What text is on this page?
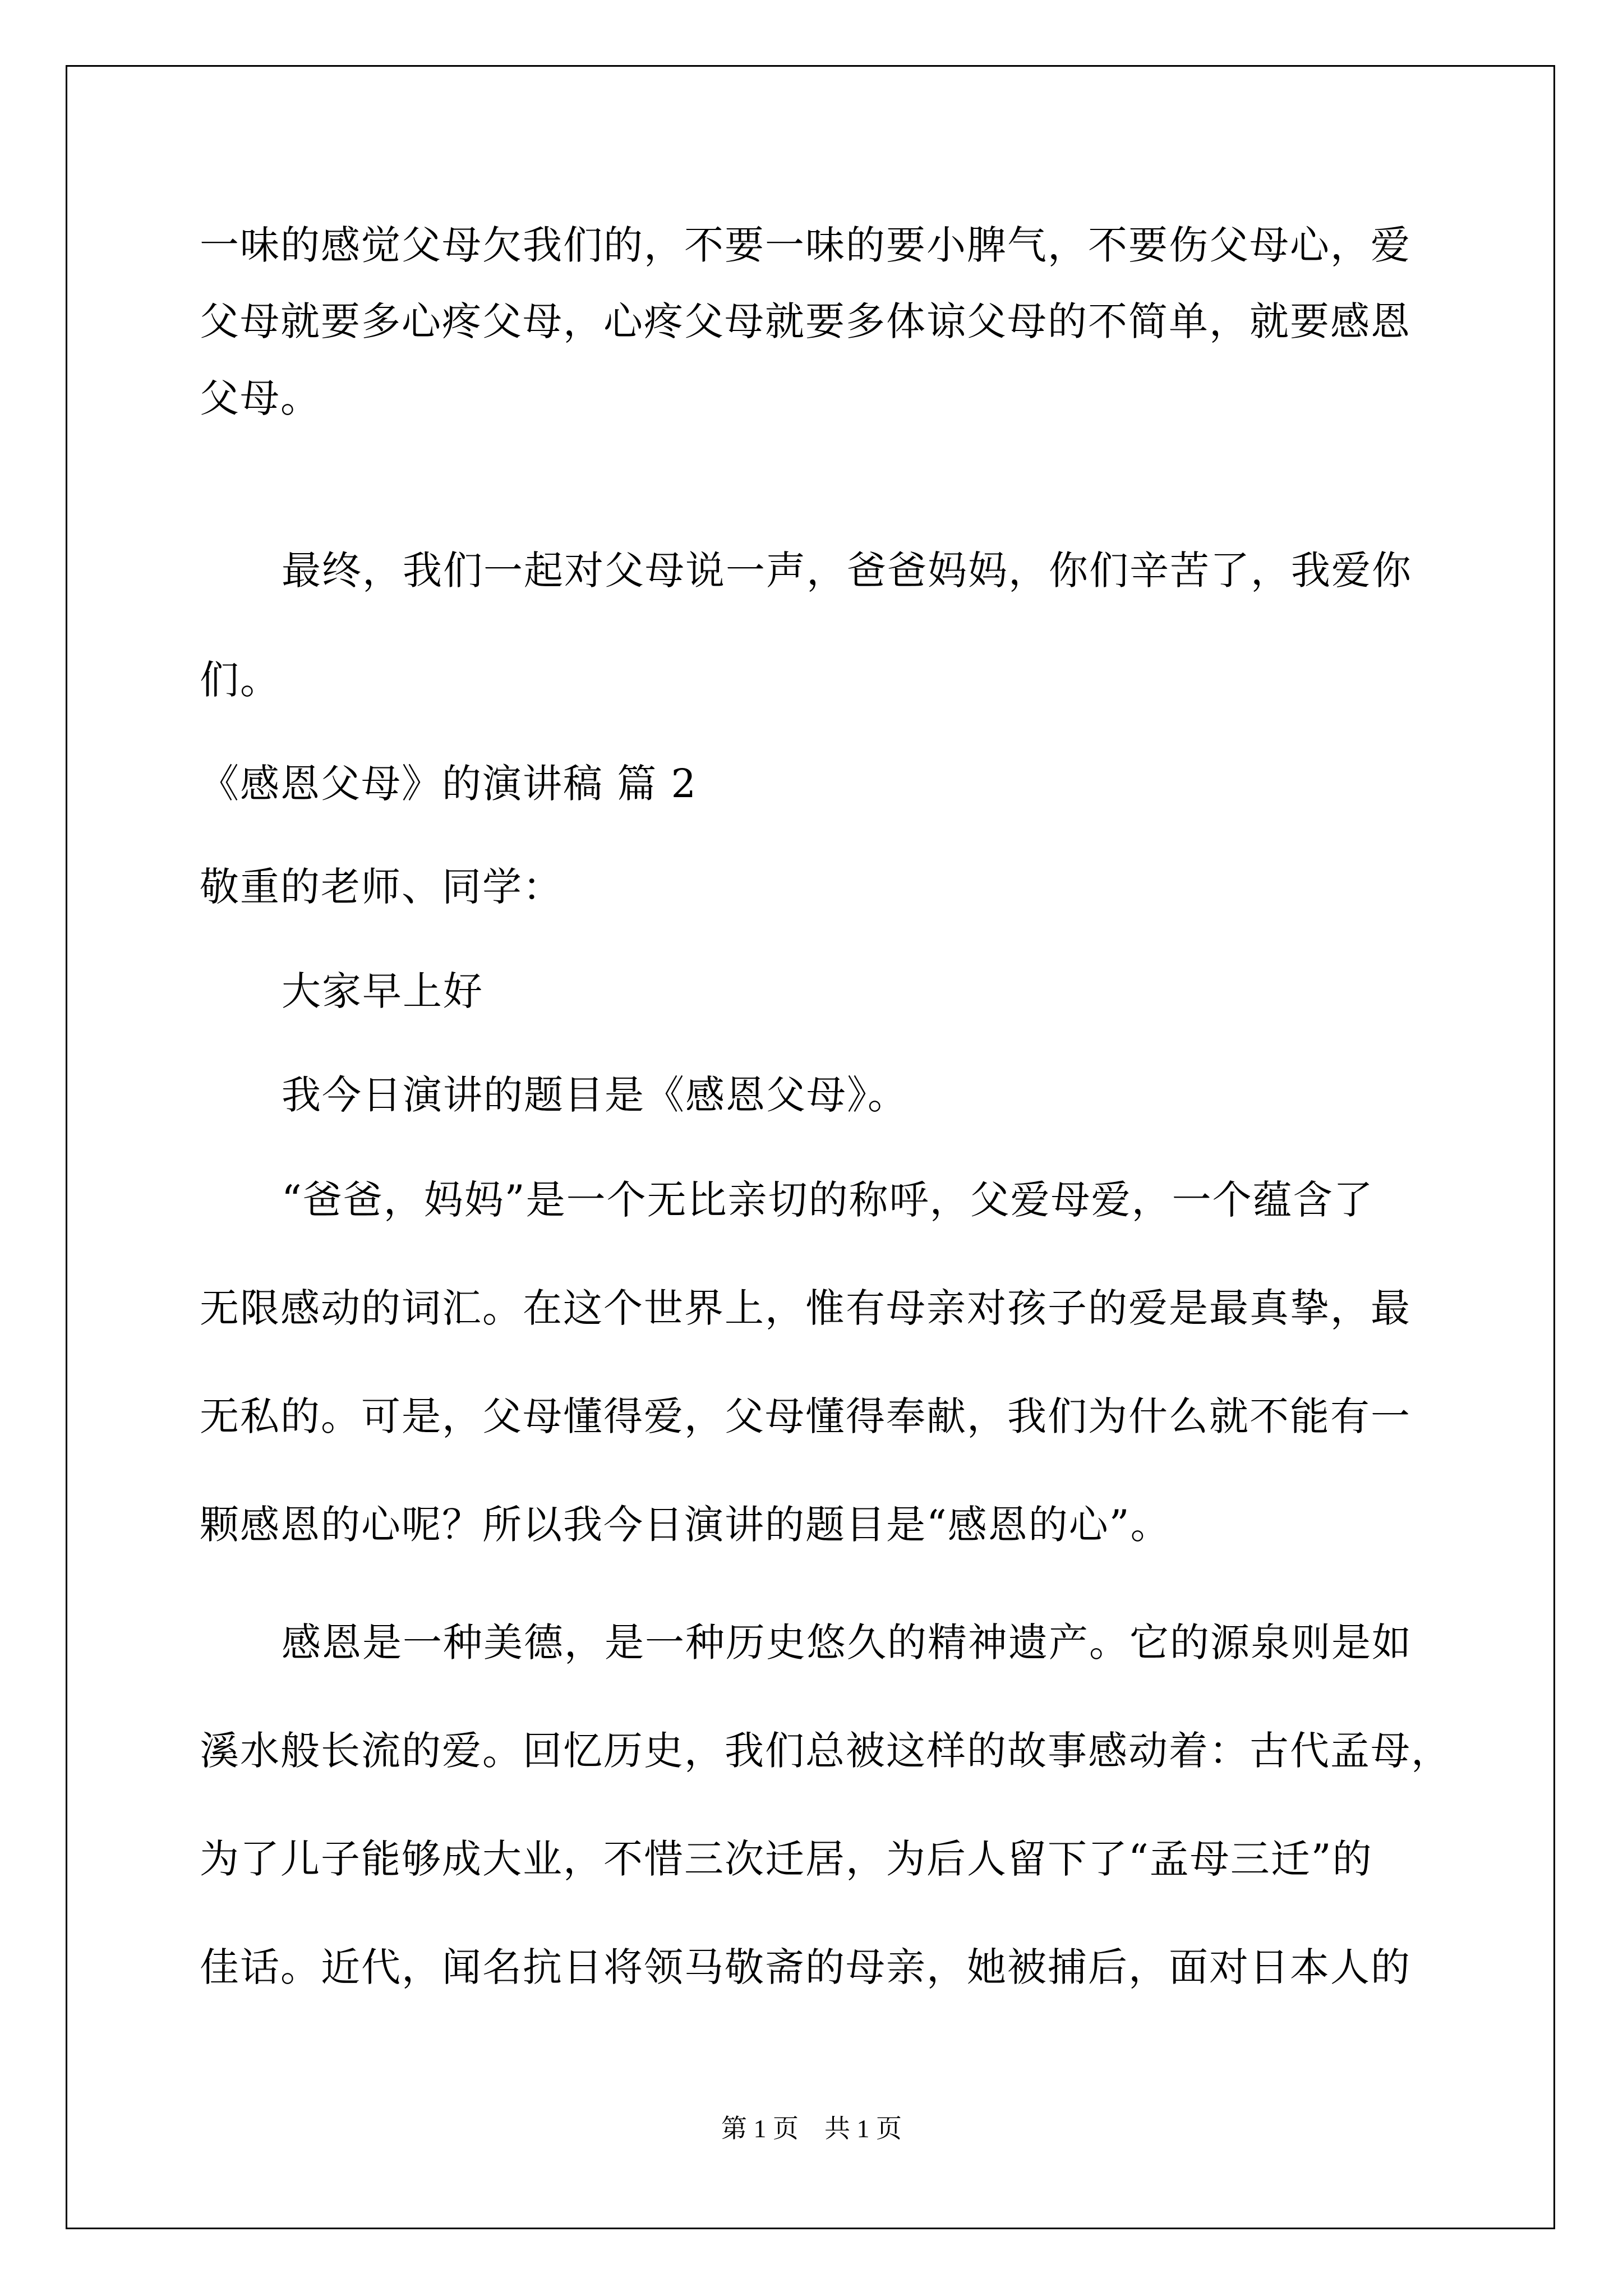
一味的感觉父母欠我们的，不要一味的要小脾气，不要伤父母心，爱
父母就要多心疼父母，心疼父母就要多体谅父母的不简单，就要感恩
父母。
最终，我们一起对父母说一声，爸爸妈妈，你们辛苦了，我爱你
们。
《感恩父母》的演讲稿 篇 2
敬重的老师、同学：
大家早上好
我今日演讲的题目是《感恩父母》。
“爸爸，妈妈”是一个无比亲切的称呼，父爱母爱，一个蕴含了
无限感动的词汇。在这个世界上，惟有母亲对孩子的爱是最真挚，最
无私的。可是，父母懂得爱，父母懂得奉献，我们为什么就不能有一
颗感恩的心呢？所以我今日演讲的题目是“感恩的心”。
感恩是一种美德，是一种历史悠久的精神遗产。它的源泉则是如
溪水般长流的爱。回忆历史，我们总被这样的故事感动着：古代孟母，
为了儿子能够成大业，不惜三次迁居，为后人留下了“孟母三迁”的
佳话。近代，闻名抗日将领马敬斋的母亲，她被捕后，面对日本人的
第 1 页    共 1 页
